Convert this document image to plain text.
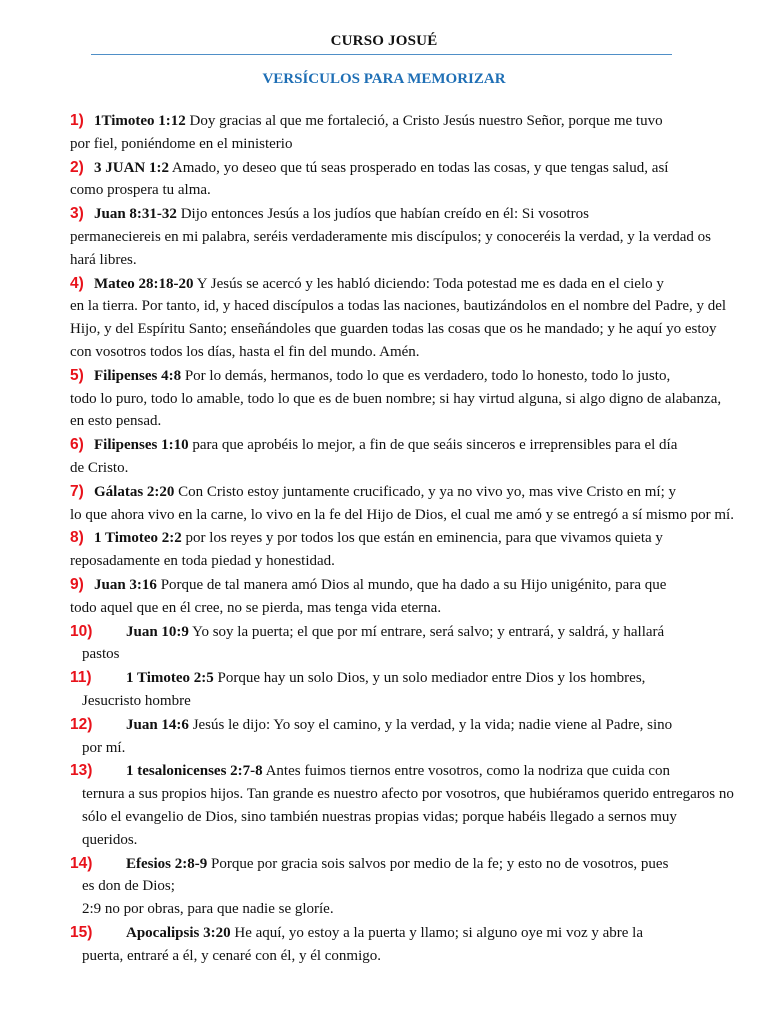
CURSO JOSUÉ
VERSÍCULOS PARA MEMORIZAR
1) 1Timoteo 1:12 Doy gracias al que me fortaleció, a Cristo Jesús nuestro Señor, porque me tuvo
por fiel, poniéndome en el ministerio
2) 3 JUAN 1:2 Amado, yo deseo que tú seas prosperado en todas las cosas, y que tengas salud, así
como prospera tu alma.
3) Juan 8:31-32 Dijo entonces Jesús a los judíos que habían creído en él: Si vosotros
permaneciereis en mi palabra, seréis verdaderamente mis discípulos; y conoceréis la verdad, y la verdad os hará libres.
4) Mateo 28:18-20 Y Jesús se acercó y les habló diciendo: Toda potestad me es dada en el cielo y
en la tierra. Por tanto, id, y haced discípulos a todas las naciones, bautizándolos en el nombre del Padre, y del Hijo, y del Espíritu Santo; enseñándoles que guarden todas las cosas que os he mandado; y he aquí yo estoy con vosotros todos los días, hasta el fin del mundo. Amén.
5) Filipenses 4:8 Por lo demás, hermanos, todo lo que es verdadero, todo lo honesto, todo lo justo,
todo lo puro, todo lo amable, todo lo que es de buen nombre; si hay virtud alguna, si algo digno de alabanza, en esto pensad.
6) Filipenses 1:10 para que aprobéis lo mejor, a fin de que seáis sinceros e irreprensibles para el día
de Cristo.
7) Gálatas 2:20 Con Cristo estoy juntamente crucificado, y ya no vivo yo, mas vive Cristo en mí; y
lo que ahora vivo en la carne, lo vivo en la fe del Hijo de Dios, el cual me amó y se entregó a sí mismo por mí.
8) 1 Timoteo 2:2 por los reyes y por todos los que están en eminencia, para que vivamos quieta y
reposadamente en toda piedad y honestidad.
9) Juan 3:16 Porque de tal manera amó Dios al mundo, que ha dado a su Hijo unigénito, para que
todo aquel que en él cree, no se pierda, mas tenga vida eterna.
10) Juan 10:9 Yo soy la puerta; el que por mí entrare, será salvo; y entrará, y saldrá, y hallará
pastos
11) 1 Timoteo 2:5 Porque hay un solo Dios, y un solo mediador entre Dios y los hombres,
Jesucristo hombre
12) Juan 14:6 Jesús le dijo: Yo soy el camino, y la verdad, y la vida; nadie viene al Padre, sino
por mí.
13) 1 tesalonicenses 2:7-8 Antes fuimos tiernos entre vosotros, como la nodriza que cuida con
ternura a sus propios hijos. Tan grande es nuestro afecto por vosotros, que hubiéramos querido entregaros no sólo el evangelio de Dios, sino también nuestras propias vidas; porque habéis llegado a sernos muy queridos.
14) Efesios 2:8-9 Porque por gracia sois salvos por medio de la fe; y esto no de vosotros, pues
es don de Dios;
2:9 no por obras, para que nadie se gloríe.
15) Apocalipsis 3:20 He aquí, yo estoy a la puerta y llamo; si alguno oye mi voz y abre la
puerta, entraré a él, y cenaré con él, y él conmigo.
